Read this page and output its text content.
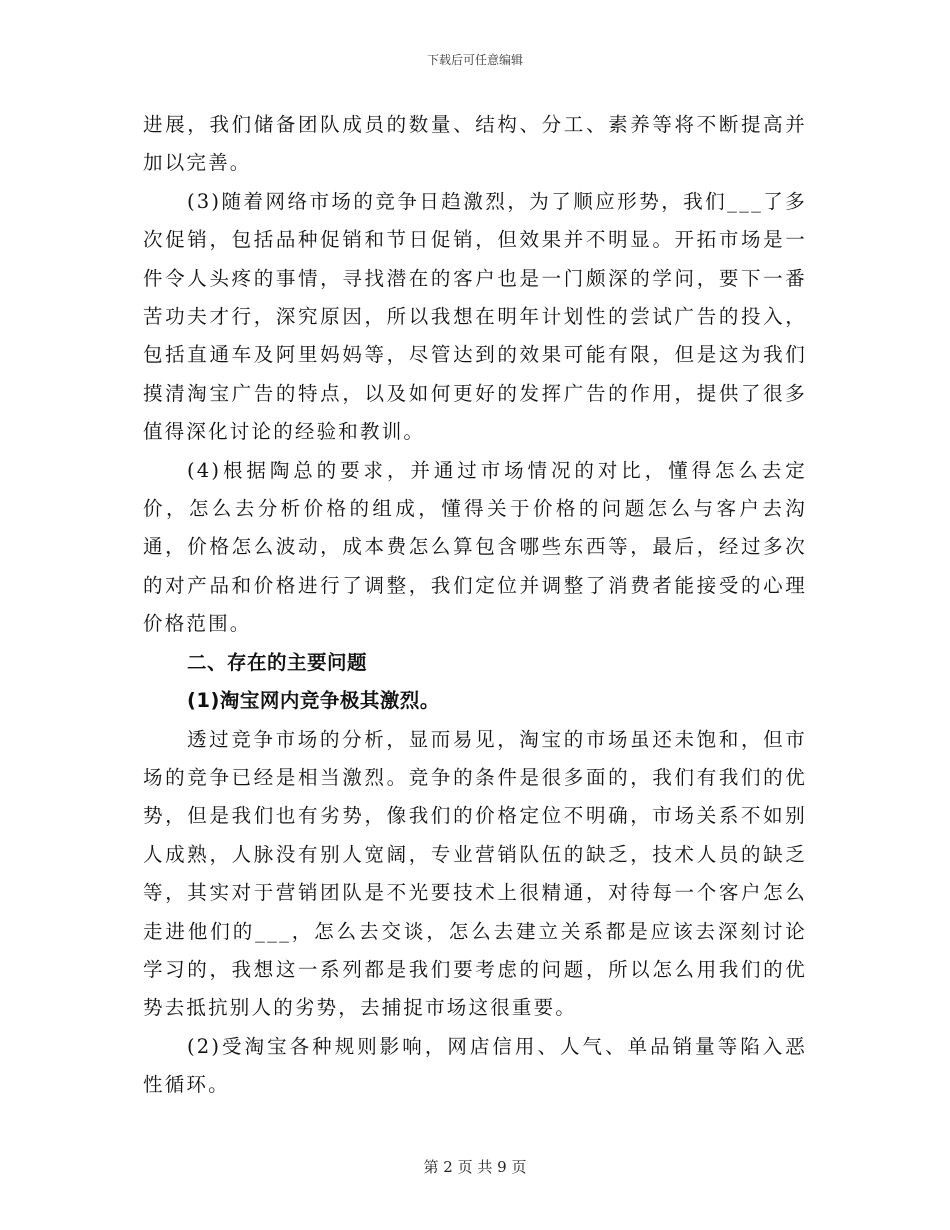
下载后可任意编辑

进展，我们储备团队成员的数量、结构、分工、素养等将不断提高并加以完善。

(3)随着网络市场的竞争日趋激烈，为了顺应形势，我们___了多次促销，包括品种促销和节日促销，但效果并不明显。开拓市场是一件令人头疼的事情，寻找潜在的客户也是一门颇深的学问，要下一番苦功夫才行，深究原因，所以我想在明年计划性的尝试广告的投入，包括直通车及阿里妈妈等，尽管达到的效果可能有限，但是这为我们摸清淘宝广告的特点，以及如何更好的发挥广告的作用，提供了很多值得深化讨论的经验和教训。

(4)根据陶总的要求，并通过市场情况的对比，懂得怎么去定价，怎么去分析价格的组成，懂得关于价格的问题怎么与客户去沟通，价格怎么波动，成本费怎么算包含哪些东西等，最后，经过多次的对产品和价格进行了调整，我们定位并调整了消费者能接受的心理价格范围。

二、存在的主要问题

(1)淘宝网内竞争极其激烈。

透过竞争市场的分析，显而易见，淘宝的市场虽还未饱和，但市场的竞争已经是相当激烈。竞争的条件是很多面的，我们有我们的优势，但是我们也有劣势，像我们的价格定位不明确，市场关系不如别人成熟，人脉没有别人宽阔，专业营销队伍的缺乏，技术人员的缺乏等，其实对于营销团队是不光要技术上很精通，对待每一个客户怎么走进他们的___，怎么去交谈，怎么去建立关系都是应该去深刻讨论学习的，我想这一系列都是我们要考虑的问题，所以怎么用我们的优势去抵抗别人的劣势，去捕捉市场这很重要。

(2)受淘宝各种规则影响，网店信用、人气、单品销量等陷入恶性循环。

第 2 页 共 9 页
